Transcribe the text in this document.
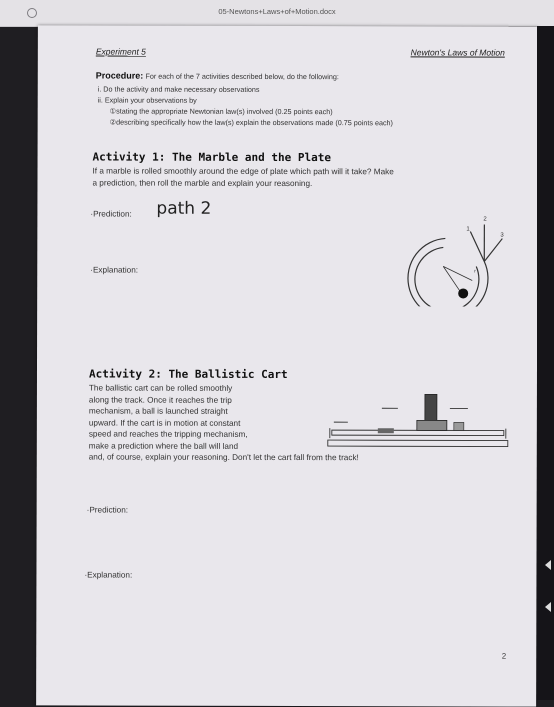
05-Newtons+Laws+of+Motion.docx
Experiment 5	Newton's Laws of Motion
Procedure: For each of the 7 activities described below, do the following:
i. Do the activity and make necessary observations
ii. Explain your observations by
①stating the appropriate Newtonian law(s) involved (0.25 points each)
②describing specifically how the law(s) explain the observations made (0.75 points each)
Activity 1: The Marble and the Plate
If a marble is rolled smoothly around the edge of plate which path will it take? Make
a prediction, then roll the marble and explain your reasoning.
·Prediction: path 2
·Explanation:
2
1
3
r
Activity 2: The Ballistic Cart
The ballistic cart can be rolled smoothly
along the track. Once it reaches the trip
mechanism, a ball is launched straight
upward. If the cart is in motion at constant
speed and reaches the tripping mechanism,
make a prediction where the ball will land
and, of course, explain your reasoning. Don't let the cart fall from the track!
·Prediction:
·Explanation:
2
